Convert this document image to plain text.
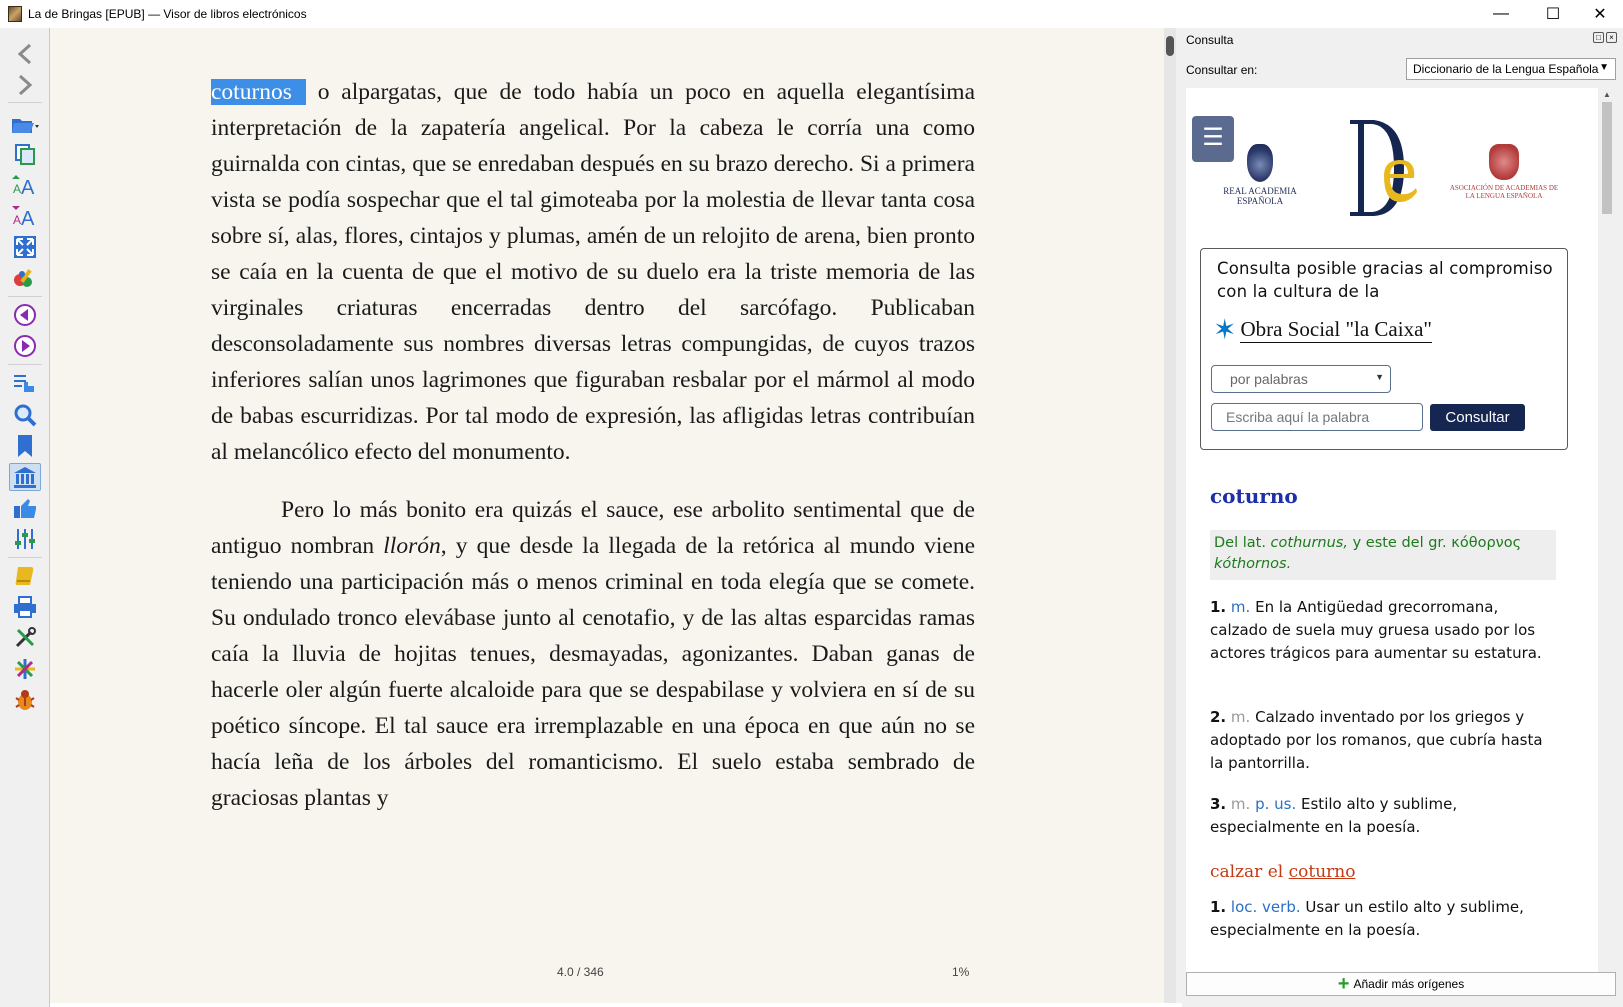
La de Bringas [EPUB] — Visor de libros electrónicos	—	☐	✕
A A
A A

coturnos o alpargatas, que de todo había un poco en aquella elegantísima interpretación de la zapatería angelical. Por la cabeza le corría una como guirnalda con cintas, que se enredaban después en su brazo derecho. Si a primera vista se podía sospechar que el tal gimoteaba por la molestia de llevar tanta cosa sobre sí, alas, flores, cintajos y plumas, amén de un relojito de arena, bien pronto se caía en la cuenta de que el motivo de su duelo era la triste memoria de las virginales criaturas encerradas dentro del sarcófago. Publicaban desconsoladamente sus nombres diversas letras compungidas, de cuyos trazos inferiores salían unos lagrimones que figuraban resbalar por el mármol al modo de babas escurridizas. Por tal modo de expresión, las afligidas letras contribuían al melancólico efecto del monumento.

Pero lo más bonito era quizás el sauce, ese arbolito sentimental que de antiguo nombran llorón, y que desde la llegada de la retórica al mundo viene teniendo una participación más o menos criminal en toda elegía que se comete. Su ondulado tronco elevábase junto al cenotafio, y de las altas esparcidas ramas caía la lluvia de hojitas tenues, desmayadas, agonizantes. Daban ganas de hacerle oler algún fuerte alcaloide para que se despabilase y volviera en sí de su poético síncope. El tal sauce era irremplazable en una época en que aún no se hacía leña de los árboles del romanticismo. El suelo estaba sembrado de graciosas plantas y

4.0 / 346	1%
Consulta	□	×
Consultar en:	Diccionario de la Lengua Española ▼
☰
REAL ACADEMIA ESPAÑOLA
ASOCIACIÓN DE ACADEMIAS DE LA LENGUA ESPAÑOLA
Consulta posible gracias al compromiso con la cultura de la
✶ Obra Social "la Caixa"
por palabras	▼
Escriba aquí la palabra	Consultar
coturno
Del lat. cothurnus, y este del gr. κόθορνος kóthornos.
1. m. En la Antigüedad grecorromana, calzado de suela muy gruesa usado por los actores trágicos para aumentar su estatura.
2. m. Calzado inventado por los griegos y adoptado por los romanos, que cubría hasta la pantorrilla.
3. m. p. us. Estilo alto y sublime, especialmente en la poesía.
calzar el coturno
1. loc. verb. Usar un estilo alto y sublime, especialmente en la poesía.
▲
+ Añadir más orígenes
